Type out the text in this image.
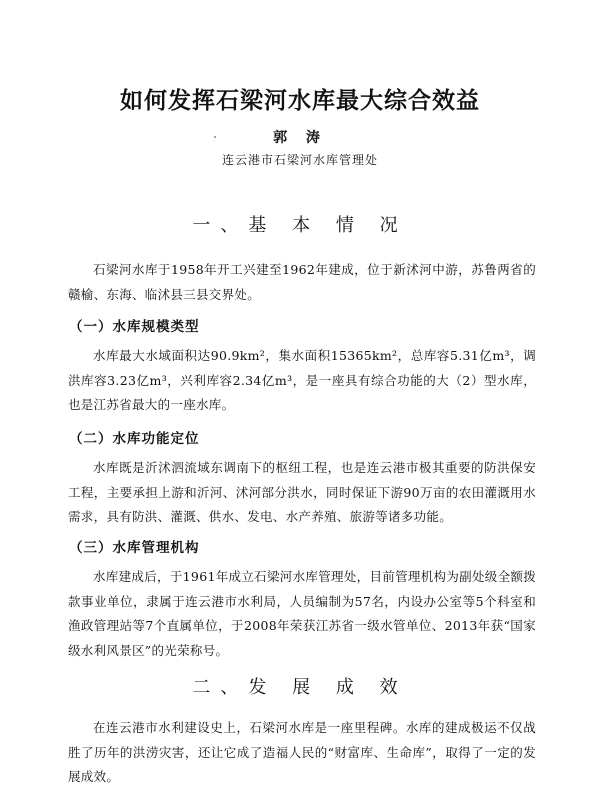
如何发挥石梁河水库最大综合效益
郭 涛
连云港市石梁河水库管理处
一、基 本 情 况

石梁河水库于1958年开工兴建至1962年建成，位于新沭河中游，苏鲁两省的赣榆、东海、临沭县三县交界处。

（一）水库规模类型

水库最大水域面积达90.9km²，集水面积15365km²，总库容5.31亿m³，调洪库容3.23亿m³，兴利库容2.34亿m³，是一座具有综合功能的大（2）型水库，也是江苏省最大的一座水库。

（二）水库功能定位

水库既是沂沭泗流域东调南下的枢纽工程，也是连云港市极其重要的防洪保安工程，主要承担上游和沂河、沭河部分洪水，同时保证下游90万亩的农田灌溉用水需求，具有防洪、灌溉、供水、发电、水产养殖、旅游等诸多功能。

（三）水库管理机构

水库建成后，于1961年成立石梁河水库管理处，目前管理机构为副处级全额拨款事业单位，隶属于连云港市水利局，人员编制为57名，内设办公室等5个科室和渔政管理站等7个直属单位，于2008年荣获江苏省一级水管单位、2013年获“国家级水利风景区”的光荣称号。

二、发 展 成 效

在连云港市水利建设史上，石梁河水库是一座里程碑。水库的建成极运不仅战胜了历年的洪涝灾害，还让它成了造福人民的“财富库、生命库”，取得了一定的发展成效。
